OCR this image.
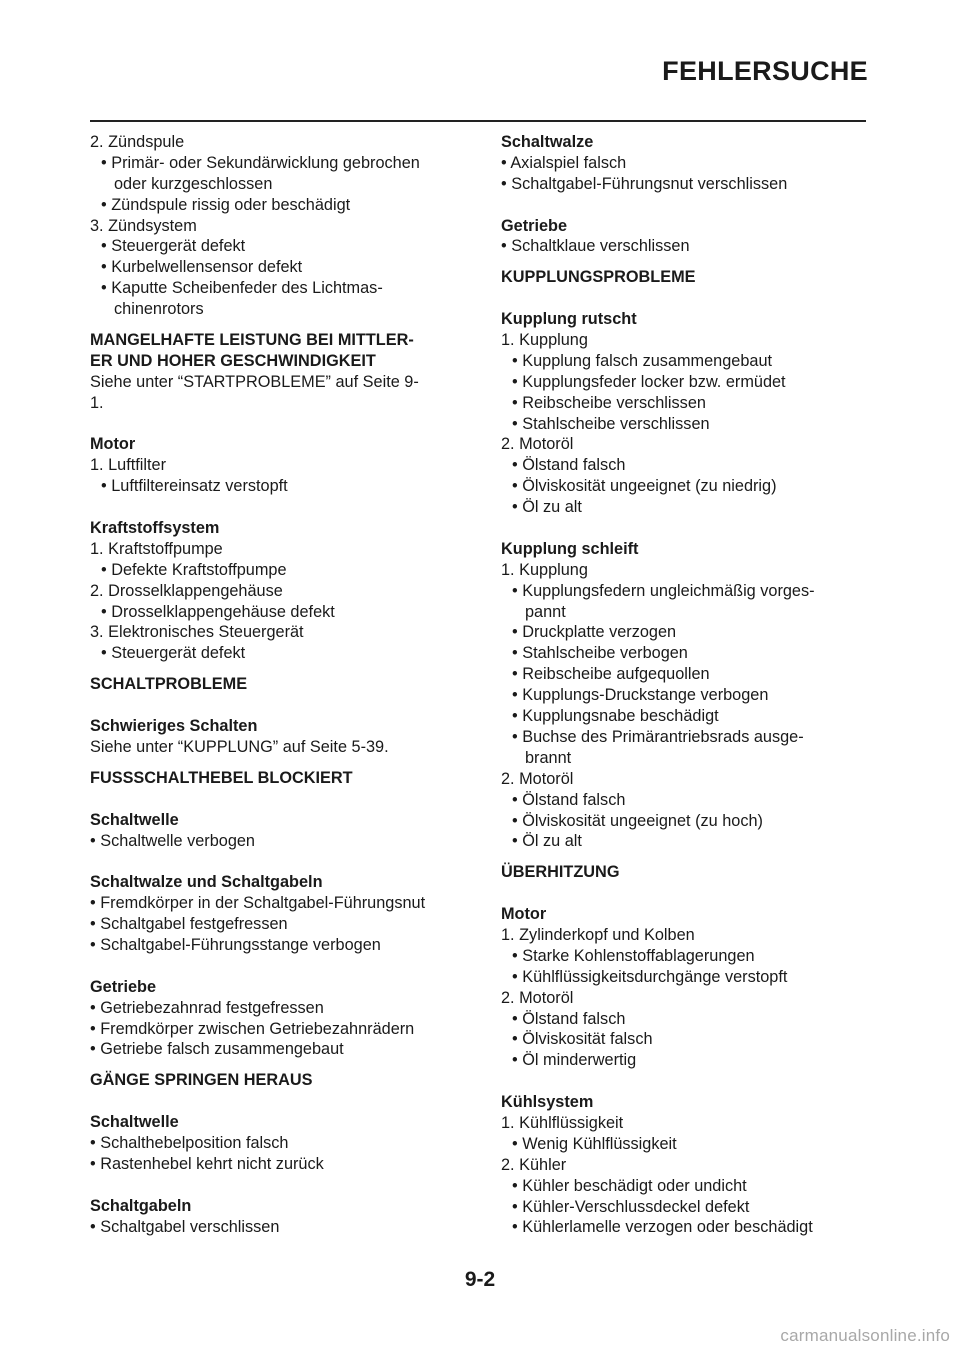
FEHLERSUCHE
2. Zündspule
• Primär- oder Sekundärwicklung gebrochen
oder kurzgeschlossen
• Zündspule rissig oder beschädigt
3. Zündsystem
• Steuergerät defekt
• Kurbelwellensensor defekt
• Kaputte Scheibenfeder des Lichtmas-
chinenrotors
MANGELHAFTE LEISTUNG BEI MITTLER-
ER UND HOHER GESCHWINDIGKEIT
Siehe unter “STARTPROBLEME” auf Seite 9-
1.
Motor
1. Luftfilter
• Luftfiltereinsatz verstopft
Kraftstoffsystem
1. Kraftstoffpumpe
• Defekte Kraftstoffpumpe
2. Drosselklappengehäuse
• Drosselklappengehäuse defekt
3. Elektronisches Steuergerät
• Steuergerät defekt
SCHALTPROBLEME
Schwieriges Schalten
Siehe unter “KUPPLUNG” auf Seite 5-39.
FUSSSCHALTHEBEL BLOCKIERT
Schaltwelle
• Schaltwelle verbogen
Schaltwalze und Schaltgabeln
• Fremdkörper in der Schaltgabel-Führungsnut
• Schaltgabel festgefressen
• Schaltgabel-Führungsstange verbogen
Getriebe
• Getriebezahnrad festgefressen
• Fremdkörper zwischen Getriebezahnrädern
• Getriebe falsch zusammengebaut
GÄNGE SPRINGEN HERAUS
Schaltwelle
• Schalthebelposition falsch
• Rastenhebel kehrt nicht zurück
Schaltgabeln
• Schaltgabel verschlissen
Schaltwalze
• Axialspiel falsch
• Schaltgabel-Führungsnut verschlissen
Getriebe
• Schaltklaue verschlissen
KUPPLUNGSPROBLEME
Kupplung rutscht
1. Kupplung
• Kupplung falsch zusammengebaut
• Kupplungsfeder locker bzw. ermüdet
• Reibscheibe verschlissen
• Stahlscheibe verschlissen
2. Motoröl
• Ölstand falsch
• Ölviskosität ungeeignet (zu niedrig)
• Öl zu alt
Kupplung schleift
1. Kupplung
• Kupplungsfedern ungleichmäßig vorges-
pannt
• Druckplatte verzogen
• Stahlscheibe verbogen
• Reibscheibe aufgequollen
• Kupplungs-Druckstange verbogen
• Kupplungsnabe beschädigt
• Buchse des Primärantriebsrads ausge-
brannt
2. Motoröl
• Ölstand falsch
• Ölviskosität ungeeignet (zu hoch)
• Öl zu alt
ÜBERHITZUNG
Motor
1. Zylinderkopf und Kolben
• Starke Kohlenstoffablagerungen
• Kühlflüssigkeitsdurchgänge verstopft
2. Motoröl
• Ölstand falsch
• Ölviskosität falsch
• Öl minderwertig
Kühlsystem
1. Kühlflüssigkeit
• Wenig Kühlflüssigkeit
2. Kühler
• Kühler beschädigt oder undicht
• Kühler-Verschlussdeckel defekt
• Kühlerlamelle verzogen oder beschädigt
9-2
carmanualsonline.info
